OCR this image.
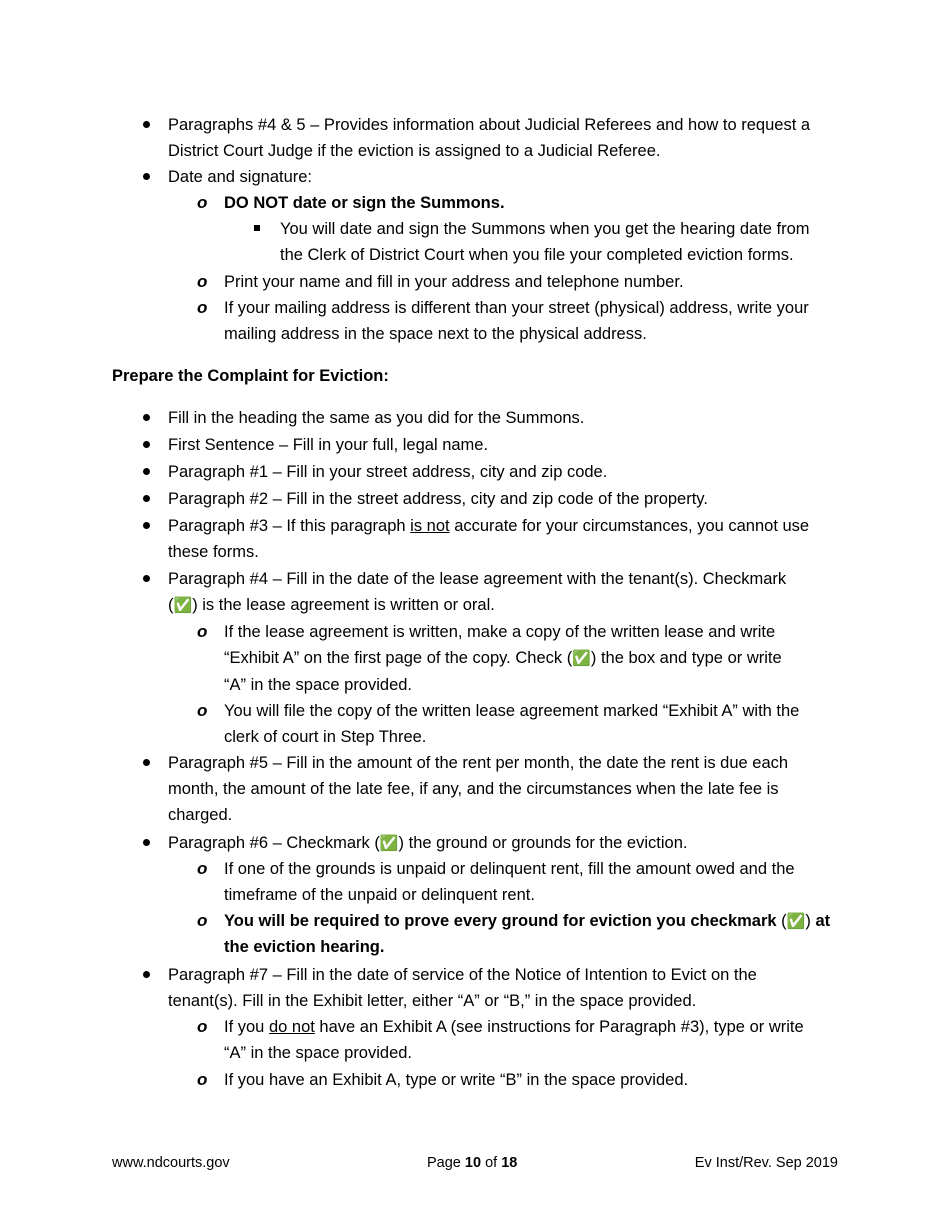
Paragraphs #4 & 5 – Provides information about Judicial Referees and how to request a
District Court Judge if the eviction is assigned to a Judicial Referee.
Date and signature:
o DO NOT date or sign the Summons.
You will date and sign the Summons when you get the hearing date from
the Clerk of District Court when you file your completed eviction forms.
o Print your name and fill in your address and telephone number.
o If your mailing address is different than your street (physical) address, write your
mailing address in the space next to the physical address.
Prepare the Complaint for Eviction:
Fill in the heading the same as you did for the Summons.
First Sentence – Fill in your full, legal name.
Paragraph #1 – Fill in your street address, city and zip code.
Paragraph #2 – Fill in the street address, city and zip code of the property.
Paragraph #3 – If this paragraph is not accurate for your circumstances, you cannot use
these forms.
Paragraph #4 – Fill in the date of the lease agreement with the tenant(s). Checkmark
(✅) is the lease agreement is written or oral.
o If the lease agreement is written, make a copy of the written lease and write
“Exhibit A” on the first page of the copy. Check (✅) the box and type or write
“A” in the space provided.
o You will file the copy of the written lease agreement marked “Exhibit A” with the
clerk of court in Step Three.
Paragraph #5 – Fill in the amount of the rent per month, the date the rent is due each
month, the amount of the late fee, if any, and the circumstances when the late fee is
charged.
Paragraph #6 – Checkmark (✅) the ground or grounds for the eviction.
o If one of the grounds is unpaid or delinquent rent, fill the amount owed and the
timeframe of the unpaid or delinquent rent.
o You will be required to prove every ground for eviction you checkmark (✅) at
the eviction hearing.
Paragraph #7 – Fill in the date of service of the Notice of Intention to Evict on the
tenant(s). Fill in the Exhibit letter, either “A” or “B,” in the space provided.
o If you do not have an Exhibit A (see instructions for Paragraph #3), type or write
“A” in the space provided.
o If you have an Exhibit A, type or write “B” in the space provided.
www.ndcourts.gov	Page 10 of 18	Ev Inst/Rev. Sep 2019
